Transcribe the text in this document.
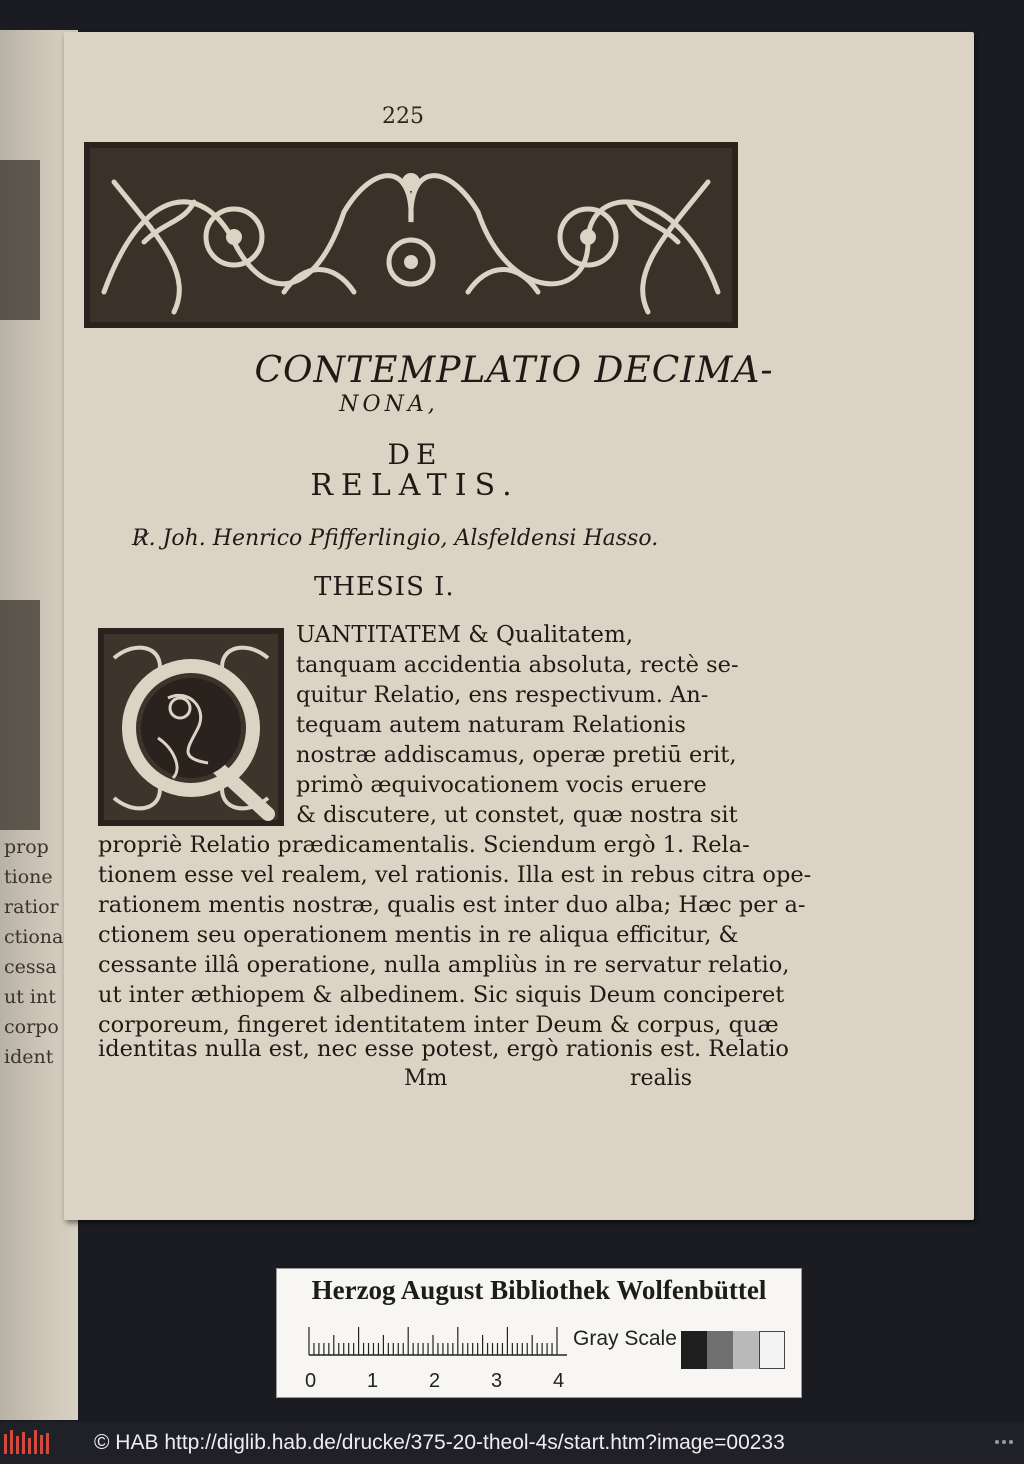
prop
tione
ratior
ctiona
cessa
ut int
corpo
ident
225
CONTEMPLATIO DECIMA-
NONA,
DE
RELATIS.
R̷. Joh. Henrico Pfifferlingio, Alsfeldensi Hasso.
THESIS I.
UANTITATEM & Qualitatem,
tanquam accidentia absoluta, rectè se-
quitur Relatio, ens respectivum. An-
tequam autem naturam Relationis
nostræ addiscamus, operæ pretiū erit,
primò æquivocationem vocis eruere
& discutere, ut constet, quæ nostra sit
propriè Relatio prædicamentalis. Sciendum ergò 1. Rela-
tionem esse vel realem, vel rationis. Illa est in rebus citra ope-
rationem mentis nostræ, qualis est inter duo alba; Hæc per a-
ctionem seu operationem mentis in re aliqua efficitur, &
cessante illâ operatione, nulla ampliùs in re servatur relatio,
ut inter æthiopem & albedinem. Sic siquis Deum conciperet
corporeum, fingeret identitatem inter Deum & corpus, quæ
identitas nulla est, nec esse potest, ergò rationis est. Relatio
Mm	realis
Herzog August Bibliothek Wolfenbüttel
0	1	2	3	4
Gray Scale
© HAB http://diglib.hab.de/drucke/375-20-theol-4s/start.htm?image=00233
